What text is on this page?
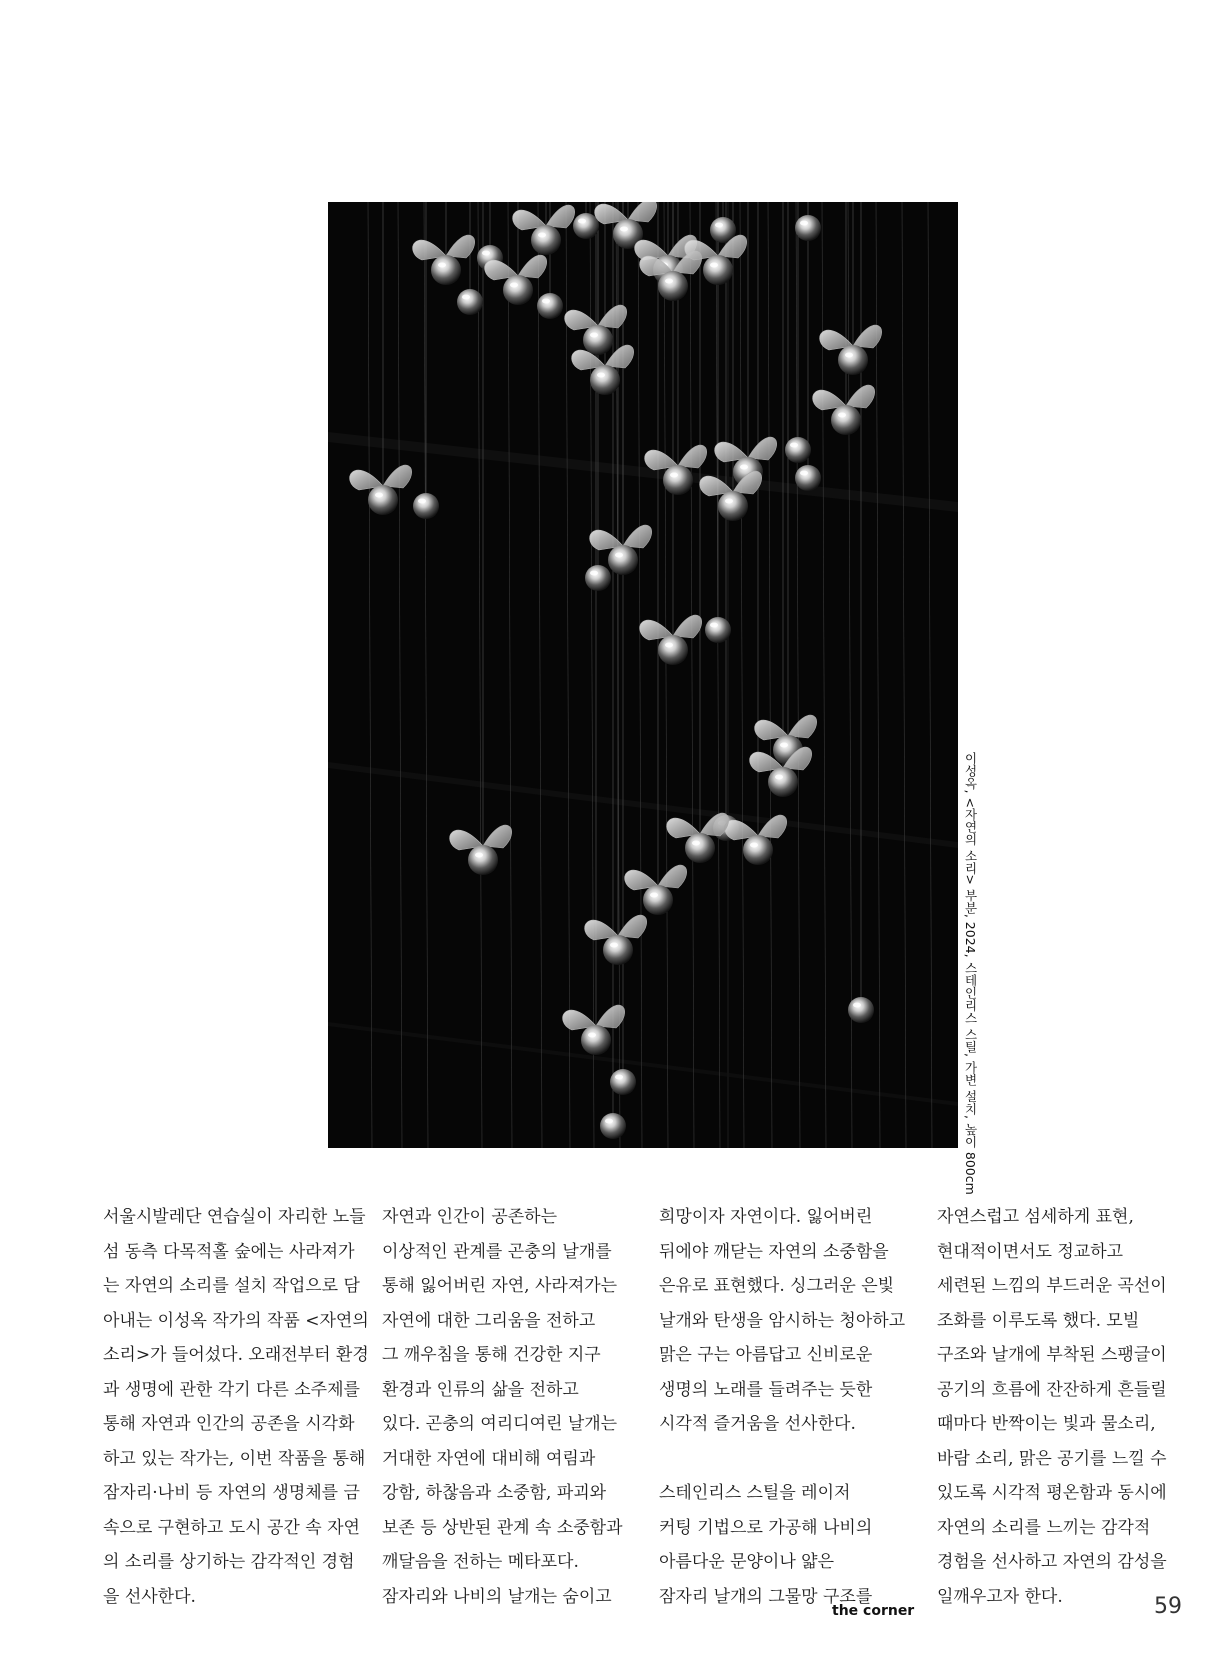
이성옥, <자연의 소리> 부분, 2024, 스테인리스 스틸, 가변 설치, 높이 800cm

서울시발레단 연습실이 자리한 노들

섬 동측 다목적홀 숲에는 사라져가

는 자연의 소리를 설치 작업으로 담

아내는 이성옥 작가의 작품 <자연의

소리>가 들어섰다. 오래전부터 환경

과 생명에 관한 각기 다른 소주제를

통해 자연과 인간의 공존을 시각화

하고 있는 작가는, 이번 작품을 통해

잠자리·나비 등 자연의 생명체를 금

속으로 구현하고 도시 공간 속 자연

의 소리를 상기하는 감각적인 경험

을 선사한다.

자연과 인간이 공존하는

이상적인 관계를 곤충의 날개를

통해 잃어버린 자연, 사라져가는

자연에 대한 그리움을 전하고

그 깨우침을 통해 건강한 지구

환경과 인류의 삶을 전하고

있다. 곤충의 여리디여린 날개는

거대한 자연에 대비해 여림과

강함, 하찮음과 소중함, 파괴와

보존 등 상반된 관계 속 소중함과

깨달음을 전하는 메타포다.

잠자리와 나비의 날개는 숨이고

희망이자 자연이다. 잃어버린

뒤에야 깨닫는 자연의 소중함을

은유로 표현했다. 싱그러운 은빛

날개와 탄생을 암시하는 청아하고

맑은 구는 아름답고 신비로운

생명의 노래를 들려주는 듯한

시각적 즐거움을 선사한다.

스테인리스 스틸을 레이저

커팅 기법으로 가공해 나비의

아름다운 문양이나 얇은

잠자리 날개의 그물망 구조를

자연스럽고 섬세하게 표현,

현대적이면서도 정교하고

세련된 느낌의 부드러운 곡선이

조화를 이루도록 했다. 모빌

구조와 날개에 부착된 스팽글이

공기의 흐름에 잔잔하게 흔들릴

때마다 반짝이는 빛과 물소리,

바람 소리, 맑은 공기를 느낄 수

있도록 시각적 평온함과 동시에

자연의 소리를 느끼는 감각적

경험을 선사하고 자연의 감성을

일깨우고자 한다.

the corner	59
